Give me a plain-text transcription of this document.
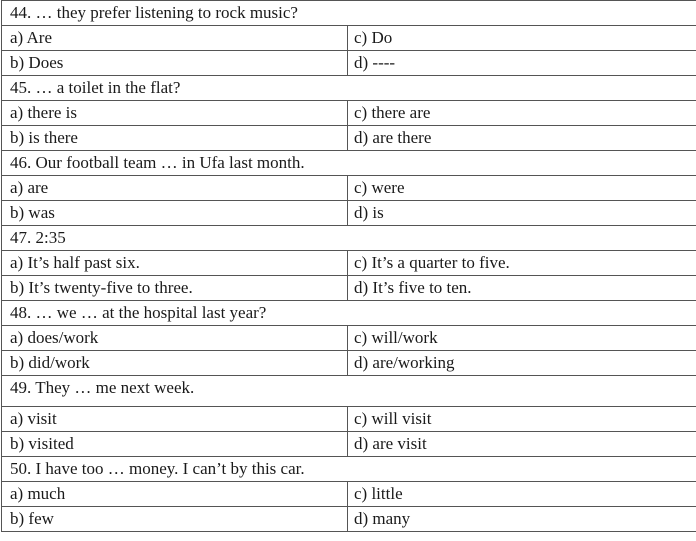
44. … they prefer listening to rock music?
a) Are	c) Do
b) Does	d) ----
45. … a toilet in the flat?
a) there is	c) there are
b) is there	d) are there
46. Our football team … in Ufa last month.
a) are	c) were
b) was	d) is
47. 2:35
a) It’s half past six.	c) It’s a quarter to five.
b) It’s twenty-five to three.	d) It’s five to ten.
48. … we … at the hospital last year?
a) does/work	c) will/work
b) did/work	d) are/working
49. They … me next week.
a) visit	c) will visit
b) visited	d) are visit
50. I have too … money. I can’t by this car.
a) much	c) little
b) few	d) many
